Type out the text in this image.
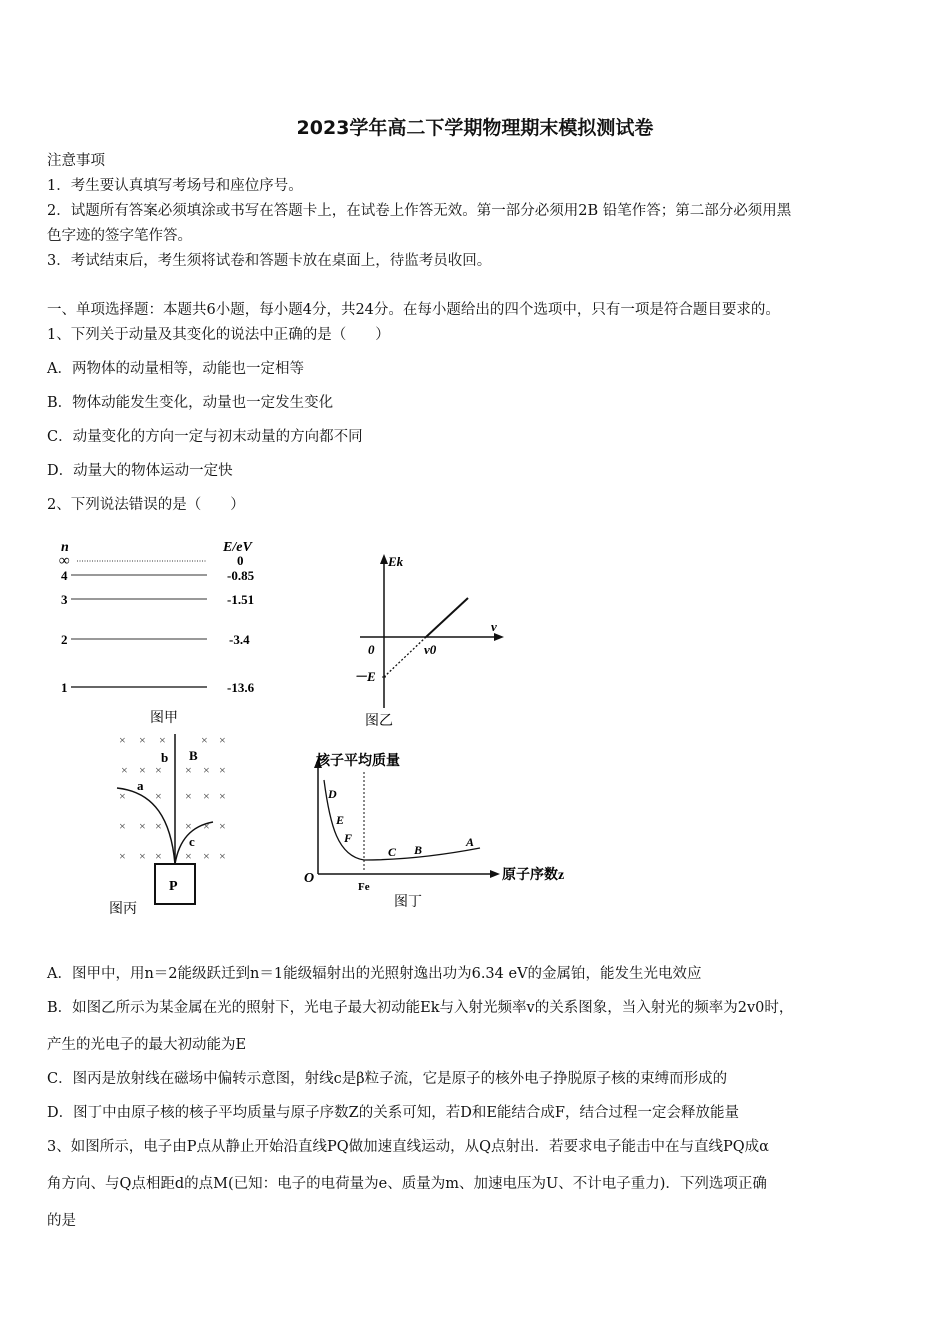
2023学年高二下学期物理期末模拟测试卷
注意事项
1．考生要认真填写考场号和座位序号。
2．试题所有答案必须填涂或书写在答题卡上，在试卷上作答无效。第一部分必须用2B 铅笔作答；第二部分必须用黑
色字迹的签字笔作答。
3．考试结束后，考生须将试卷和答题卡放在桌面上，待监考员收回。
一、单项选择题：本题共6小题，每小题4分，共24分。在每小题给出的四个选项中，只有一项是符合题目要求的。
1、下列关于动量及其变化的说法中正确的是（　　）
A．两物体的动量相等，动能也一定相等
B．物体动能发生变化，动量也一定发生变化
C．动量变化的方向一定与初末动量的方向都不同
D．动量大的物体运动一定快
2、下列说法错误的是（　　）
n	E/eV
∞	0
4	-0.85
3	-1.51
2	-3.4
1	-13.6
图甲
Ek
v
0	v0
－E
图乙
× × ×	× ×
× × × × × ×
× × × × ×
× × × × × ×
× × × × × ×
b B
a
c
P
图丙
核子平均质量
原子序数z
O
Fe
D
E
F
C B
A
图丁
A．图甲中，用n＝2能级跃迁到n＝1能级辐射出的光照射逸出功为6.34 eV的金属铂，能发生光电效应
B．如图乙所示为某金属在光的照射下，光电子最大初动能Ek与入射光频率v的关系图象，当入射光的频率为2v0时，
产生的光电子的最大初动能为E
C．图丙是放射线在磁场中偏转示意图，射线c是β粒子流，它是原子的核外电子挣脱原子核的束缚而形成的
D．图丁中由原子核的核子平均质量与原子序数Z的关系可知，若D和E能结合成F，结合过程一定会释放能量
3、如图所示，电子由P点从静止开始沿直线PQ做加速直线运动，从Q点射出．若要求电子能击中在与直线PQ成α
角方向、与Q点相距d的点M(已知：电子的电荷量为e、质量为m、加速电压为U、不计电子重力)．下列选项正确
的是
